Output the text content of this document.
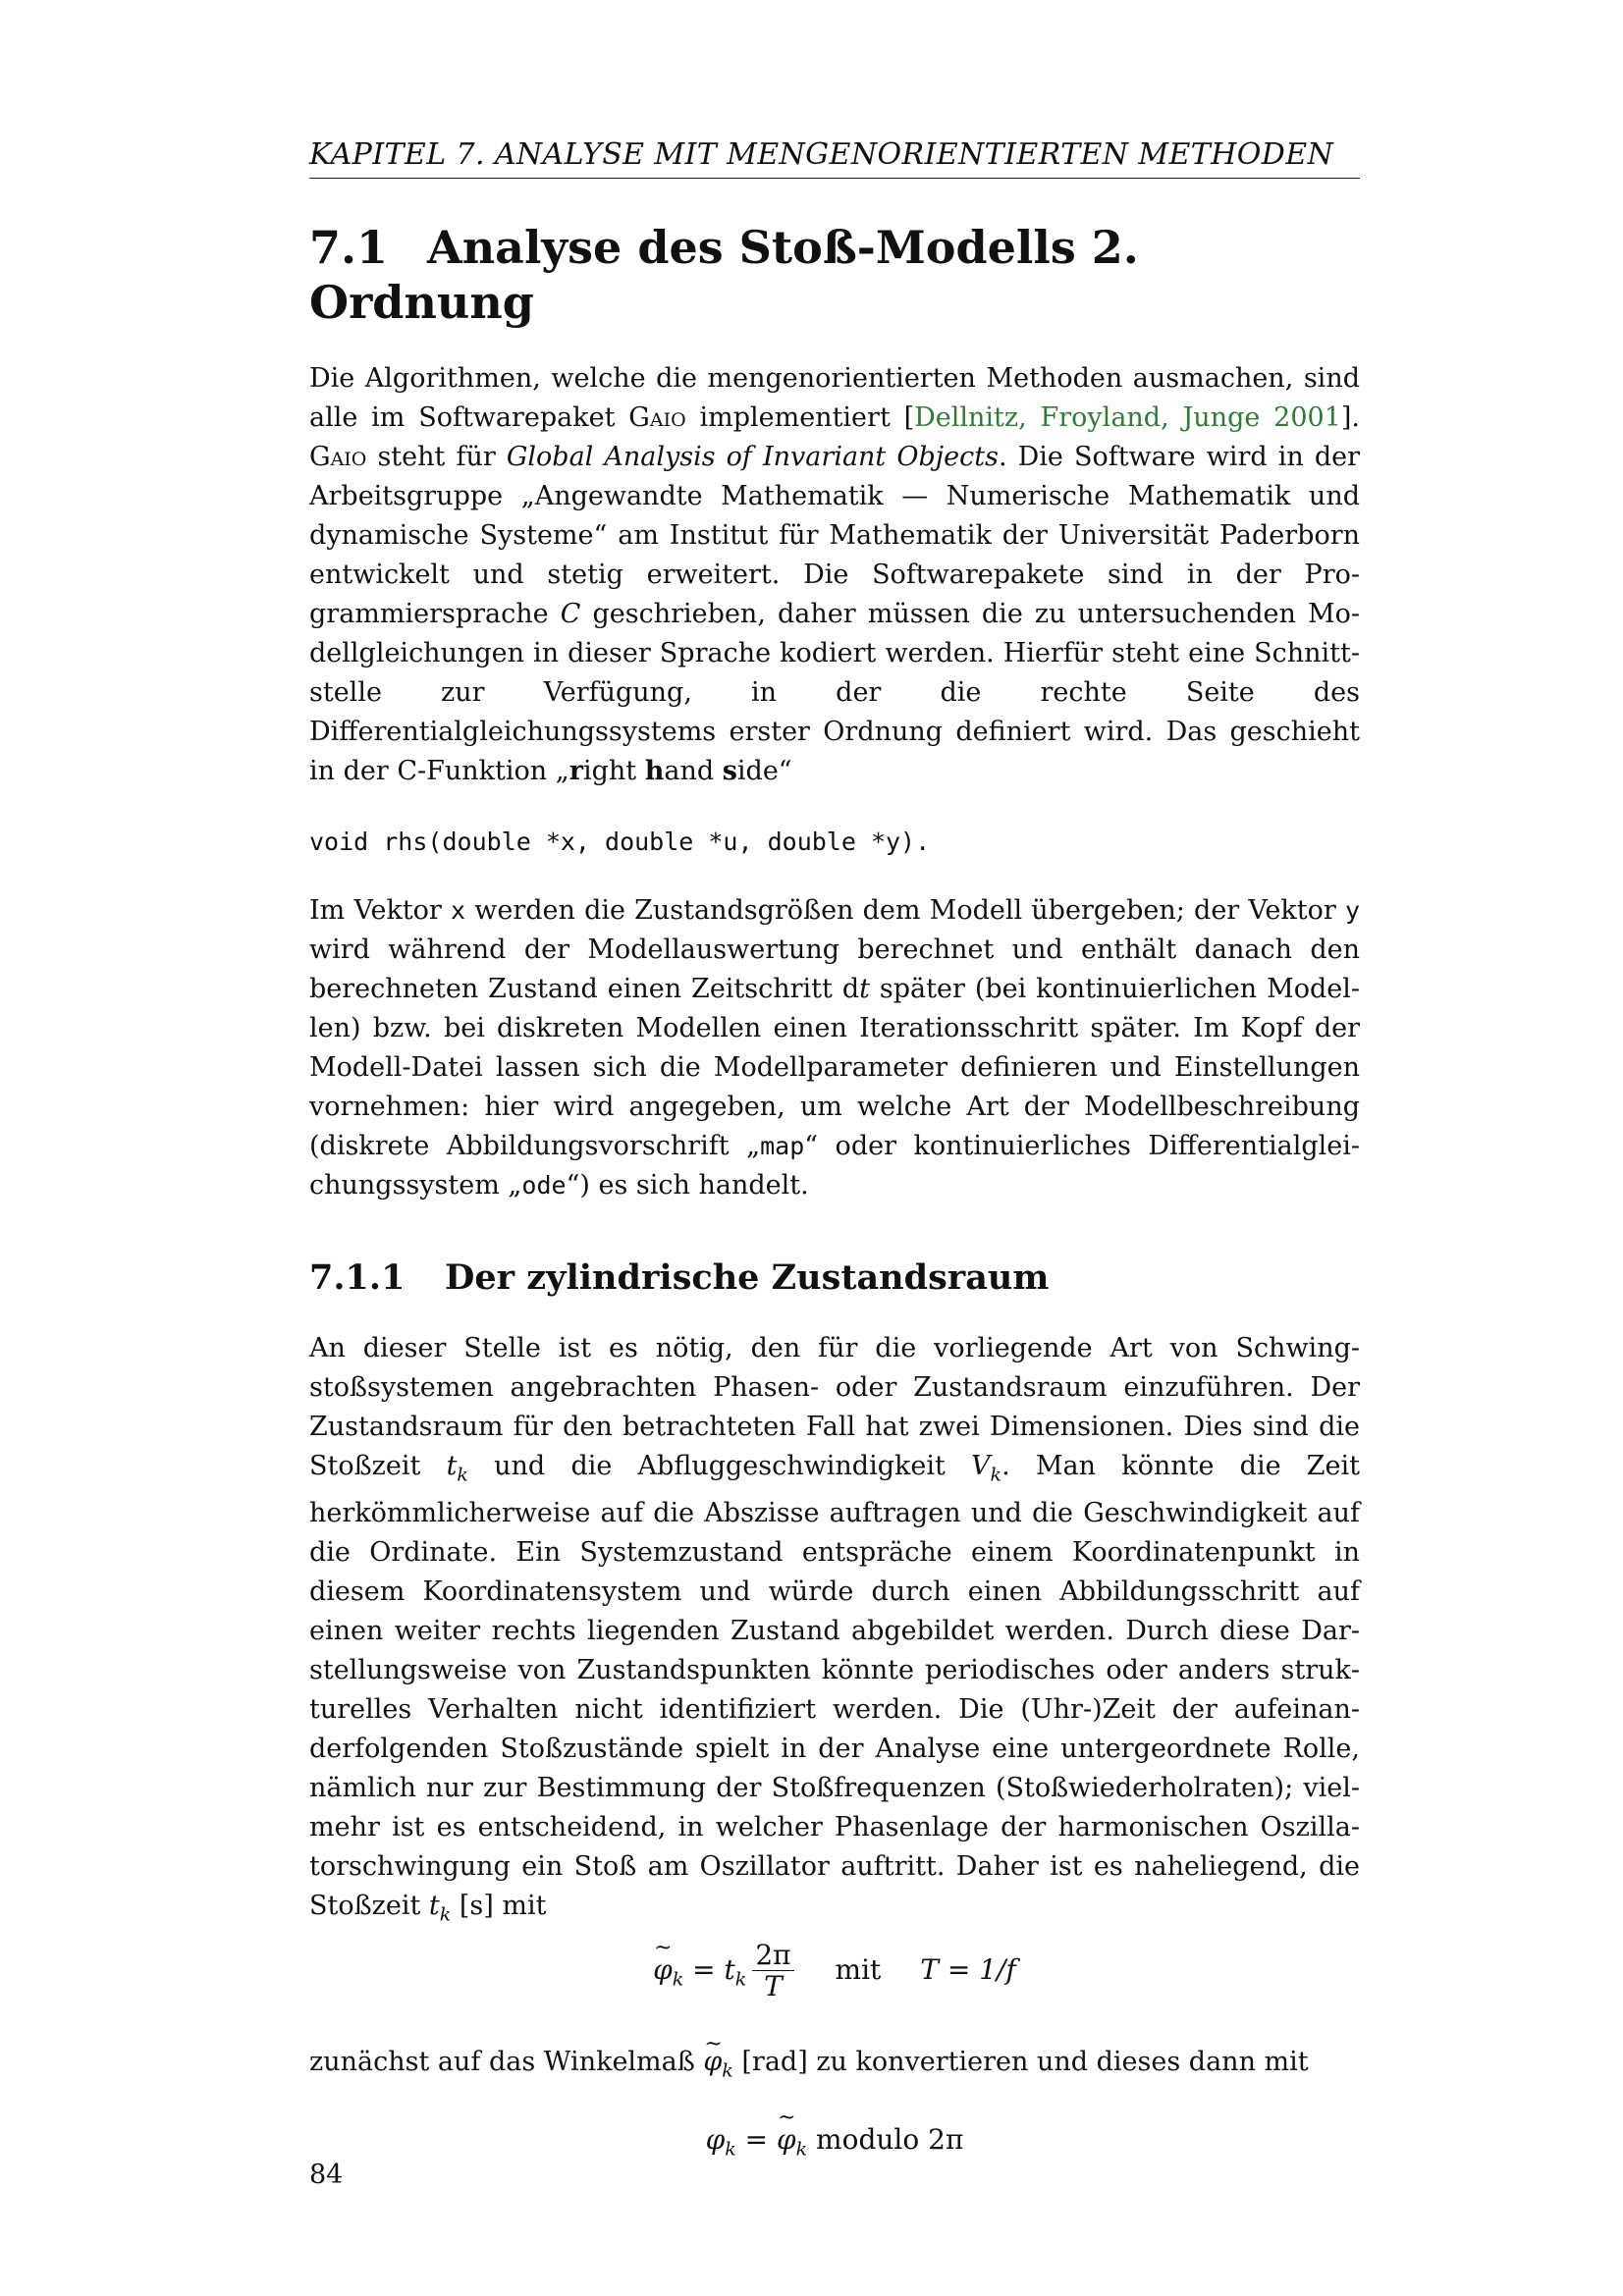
KAPITEL 7. ANALYSE MIT MENGENORIENTIERTEN METHODEN
7.1 Analyse des Stoß-Modells 2. Ordnung

Die Algorithmen, welche die mengenorientierten Methoden ausmachen, sind alle im Softwarepaket Gaio implementiert [Dellnitz, Froyland, Junge 2001]. Gaio steht für Global Analysis of Invariant Objects. Die Software wird in der Arbeitsgruppe „Angewandte Mathematik — Numerische Mathematik und dynamische Systeme“ am Institut für Mathematik der Universität Paderborn entwickelt und stetig erweitert. Die Softwarepakete sind in der Programmiersprache C geschrieben, daher müssen die zu untersuchenden Modellgleichungen in dieser Sprache kodiert werden. Hierfür steht eine Schnittstelle zur Verfügung, in der die rechte Seite des Differentialgleichungssystems erster Ordnung definiert wird. Das geschieht in der C-Funktion „right hand side“

void rhs(double *x, double *u, double *y).

Im Vektor x werden die Zustandsgrößen dem Modell übergeben; der Vektor y wird während der Modellauswertung berechnet und enthält danach den berechneten Zustand einen Zeitschritt dt später (bei kontinuierlichen Modellen) bzw. bei diskreten Modellen einen Iterationsschritt später. Im Kopf der Modell-Datei lassen sich die Modellparameter definieren und Einstellungen vornehmen: hier wird angegeben, um welche Art der Modellbeschreibung (diskrete Abbildungsvorschrift „map“ oder kontinuierliches Differentialgleichungssystem „ode“) es sich handelt.

7.1.1 Der zylindrische Zustandsraum

An dieser Stelle ist es nötig, den für die vorliegende Art von Schwingstoßsystemen angebrachten Phasen- oder Zustandsraum einzuführen. Der Zustandsraum für den betrachteten Fall hat zwei Dimensionen. Dies sind die Stoßzeit $t_k$ und die Abfluggeschwindigkeit $V_k$. Man könnte die Zeit herkömmlicherweise auf die Abszisse auftragen und die Geschwindigkeit auf die Ordinate. Ein Systemzustand entspräche einem Koordinatenpunkt in diesem Koordinatensystem und würde durch einen Abbildungsschritt auf einen weiter rechts liegenden Zustand abgebildet werden. Durch diese Darstellungsweise von Zustandspunkten könnte periodisches oder anders strukturelles Verhalten nicht identifiziert werden. Die (Uhr-)Zeit der aufeinanderfolgenden Stoßzustände spielt in der Analyse eine untergeordnete Rolle, nämlich nur zur Bestimmung der Stoßfrequenzen (Stoßwiederholraten); vielmehr ist es entscheidend, in welcher Phasenlage der harmonischen Oszillatorschwingung ein Stoß am Oszillator auftritt. Daher ist es naheliegend, die Stoßzeit $t_k$ [s] mit

~ $\varphi_k = t_k \frac{2\pi}{T}$ mit T = 1/f

zunächst auf das Winkelmaß ~ $\varphi_k$ [rad] zu konvertieren und dieses dann mit

$\varphi_k$ = ~ $\varphi_k$ modulo 2π
84
